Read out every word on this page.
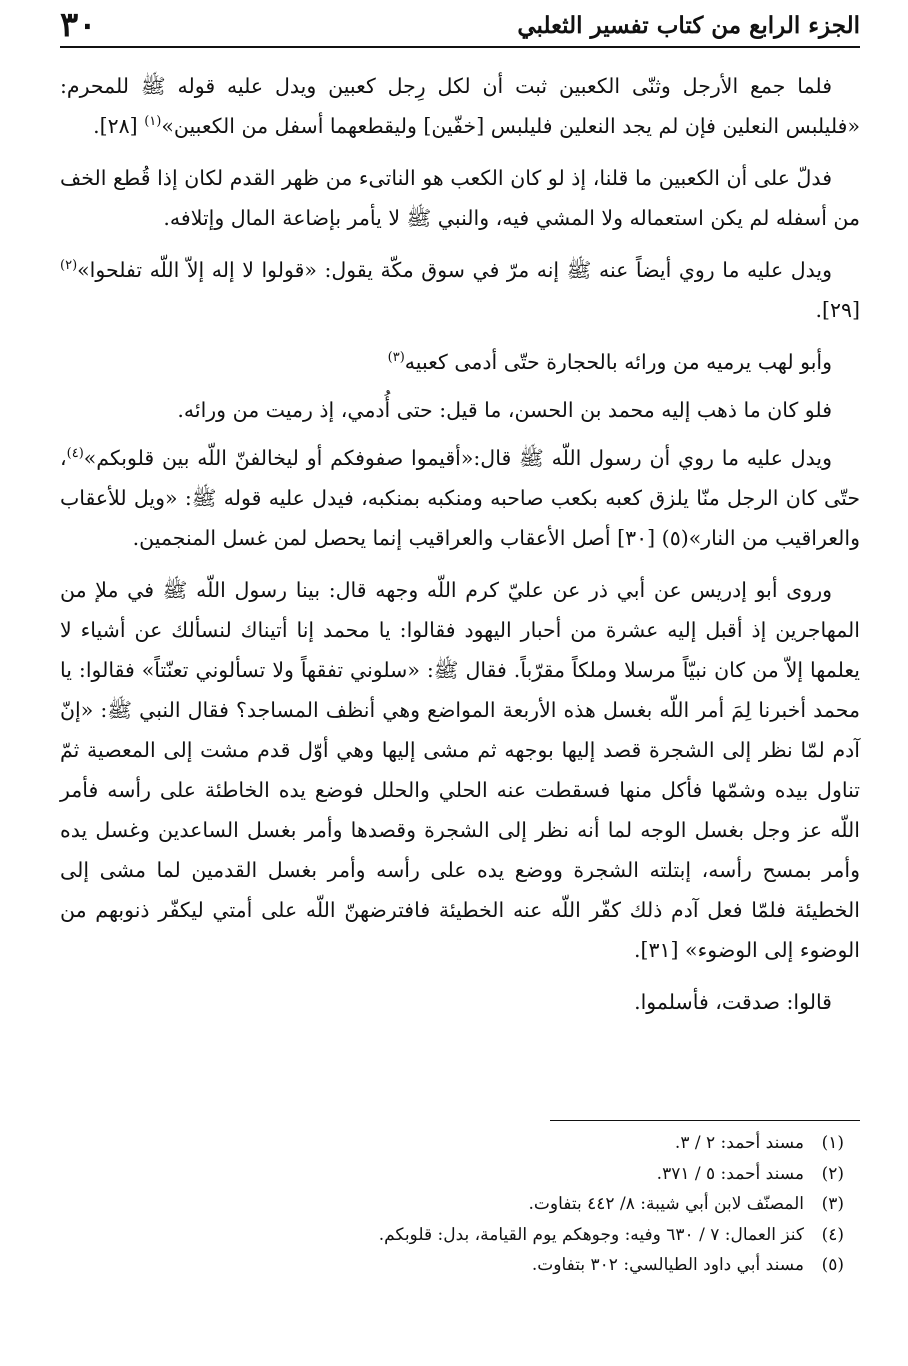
٣٠	الجزء الرابع من كتاب تفسير الثعلبي

فلما جمع الأرجل وثنّى الكعبين ثبت أن لكل رِجل كعبين ويدل عليه قوله ﷺ للمحرم: «فليلبس النعلين فإن لم يجد النعلين فليلبس [خفّين] وليقطعهما أسفل من الكعبين»$^{(١)}$ [٢٨].

فدلّ على أن الكعبين ما قلنا، إذ لو كان الكعب هو الناتىء من ظهر القدم لكان إذا قُطع الخف من أسفله لم يكن استعماله ولا المشي فيه، والنبي ﷺ لا يأمر بإضاعة المال وإتلافه.

ويدل عليه ما روي أيضاً عنه ﷺ إنه مرّ في سوق مكّة يقول: «قولوا لا إله إلاّ اللّه تفلحوا»$^{(٢)}$ [٢٩].

وأبو لهب يرميه من ورائه بالحجارة حتّى أدمى كعبيه$^{(٣)}$

فلو كان ما ذهب إليه محمد بن الحسن، ما قيل: حتى أُدمي، إذ رميت من ورائه.

ويدل عليه ما روي أن رسول اللّه ﷺ قال:«أقيموا صفوفكم أو ليخالفنّ اللّه بين قلوبكم»$^{(٤)}$، حتّى كان الرجل منّا يلزق كعبه بكعب صاحبه ومنكبه بمنكبه، فيدل عليه قوله ﷺ: «ويل للأعقاب والعراقيب من النار»(٥) [٣٠] أصل الأعقاب والعراقيب إنما يحصل لمن غسل المنجمين.

وروى أبو إدريس عن أبي ذر عن عليّ كرم اللّه وجهه قال: بينا رسول اللّه ﷺ في ملإ من المهاجرين إذ أقبل إليه عشرة من أحبار اليهود فقالوا: يا محمد إنا أتيناك لنسألك عن أشياء لا يعلمها إلاّ من كان نبيّاً مرسلا وملكاً مقرّباً. فقال ﷺ: «سلوني تفقهاً ولا تسألوني تعنّتاً» فقالوا: يا محمد أخبرنا لِمَ أمر اللّه بغسل هذه الأربعة المواضع وهي أنظف المساجد؟ فقال النبي ﷺ: «إنّ آدم لمّا نظر إلى الشجرة قصد إليها بوجهه ثم مشى إليها وهي أوّل قدم مشت إلى المعصية ثمّ تناول بيده وشمّها فأكل منها فسقطت عنه الحلي والحلل فوضع يده الخاطئة على رأسه فأمر اللّه عز وجل بغسل الوجه لما أنه نظر إلى الشجرة وقصدها وأمر بغسل الساعدين وغسل يده وأمر بمسح رأسه، إبتلته الشجرة ووضع يده على رأسه وأمر بغسل القدمين لما مشى إلى الخطيئة فلمّا فعل آدم ذلك كفّر اللّه عنه الخطيئة فافترضهنّ اللّه على أمتي ليكفّر ذنوبهم من الوضوء إلى الوضوء» [٣١].

قالوا: صدقت، فأسلموا.

(١)مسند أحمد: ٢ / ٣.
(٢)مسند أحمد: ٥ / ٣٧١.
(٣)المصنّف لابن أبي شيبة: ٨/ ٤٤٢ بتفاوت.
(٤)كنز العمال: ٧ / ٦٣٠ وفيه: وجوهكم يوم القيامة، بدل: قلوبكم.
(٥)مسند أبي داود الطيالسي: ٣٠٢ بتفاوت.
